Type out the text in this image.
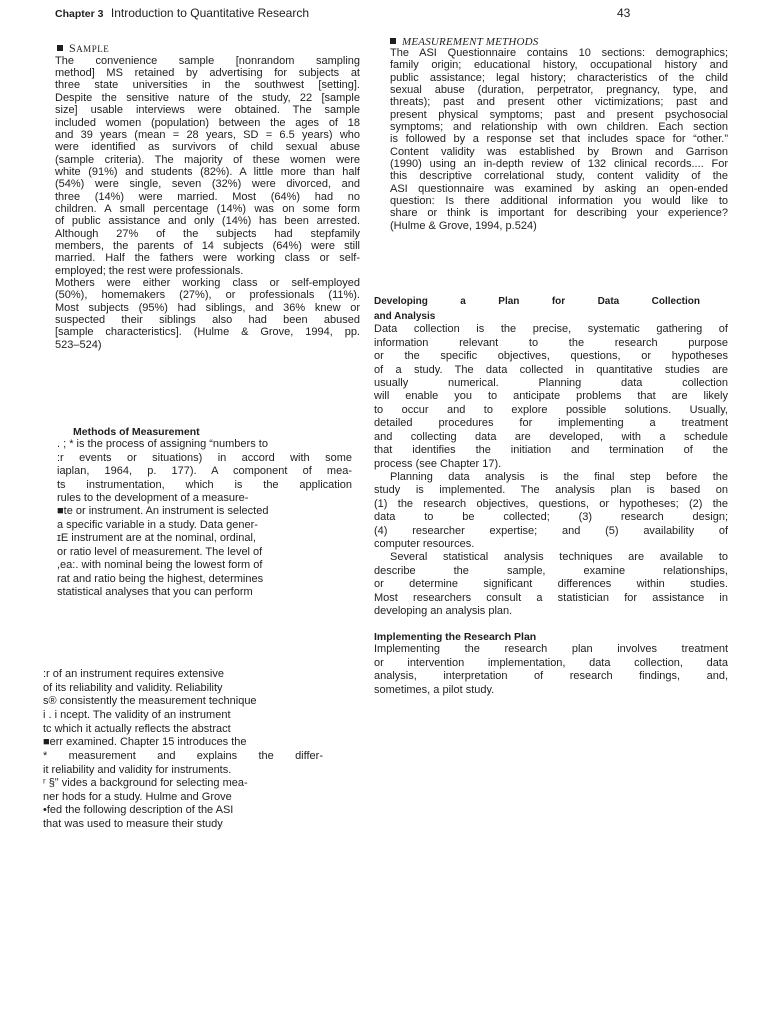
Chapter 3 Introduction to Quantitative Research	43
SAMPLE
The convenience sample [nonrandom sampling
method] MS retained by advertising for subjects at
three state universities in the southwest [setting].
Despite the sensitive nature of the study, 22 [sample
size] usable interviews were obtained. The sample
included women (population) between the ages of 18
and 39 years (mean = 28 years, SD = 6.5 years) who
were identified as survivors of child sexual abuse
(sample criteria). The majority of these women were
white (91%) and students (82%). A little more than half
(54%) were single, seven (32%) were divorced, and
three (14%) were married. Most (64%) had no
children. A small percentage (14%) was on some form
of public assistance and only (14%) has been arrested.
Although 27% of the subjects had stepfamily
members, the parents of 14 subjects (64%) were still
married. Half the fathers were working class or self-
employed; the rest were professionals.
Mothers were either working class or self-employed
(50%), homemakers (27%), or professionals (11%).
Most subjects (95%) had siblings, and 36% knew or
suspected their siblings also had been abused
[sample characteristics]. (Hulme & Grove, 1994, pp.
523–524)
Methods of Measurement
. ; * is the process of assigning “numbers to
:r events or situations) in accord with some
iaplan, 1964, p. 177). A component of mea-
ts instrumentation, which is the application
rules to the development of a measure-
■te or instrument. An instrument is selected
a specific variable in a study. Data gener-
ɪE instrument are at the nominal, ordinal,
or ratio level of measurement. The level of
,ea:. with nominal being the lowest form of
rat and ratio being the highest, determines
statistical analyses that you can perform
:r of an instrument requires extensive
of its reliability and validity. Reliability
s® consistently the measurement technique
i . i ncept. The validity of an instrument
tc which it actually reflects the abstract
■err examined. Chapter 15 introduces the
* measurement and explains the differ-
it reliability and validity for instruments.
ʳ §ʺ vides a background for selecting mea-
ner hods for a study. Hulme and Grove
•fed the following description of the ASI
that was used to measure their study
MEASUREMENT METHODS
The ASI Questionnaire contains 10 sections: demographics;
family origin; educational history, occupational history and
public assistance; legal history; characteristics of the child
sexual abuse (duration, perpetrator, pregnancy, type, and
threats); past and present other victimizations; past and
present physical symptoms; past and present psychosocial
symptoms; and relationship with own children. Each section
is followed by a response set that includes space for “other.”
Content validity was established by Brown and Garrison
(1990) using an in-depth review of 132 clinical records.... For
this descriptive correlational study, content validity of the
ASI questionnaire was examined by asking an open-ended
question: Is there additional information you would like to
share or think is important for describing your experience?
(Hulme & Grove, 1994, p.524)
Developing a Plan for Data Collection
and Analysis
Data collection is the precise, systematic gathering of
information relevant to the research purpose
or the specific objectives, questions, or hypotheses
of a study. The data collected in quantitative studies are
usually numerical. Planning data collection
will enable you to anticipate problems that are likely
to occur and to explore possible solutions. Usually,
detailed procedures for implementing a treatment
and collecting data are developed, with a schedule
that identifies the initiation and termination of the
process (see Chapter 17).
Planning data analysis is the final step before the
study is implemented. The analysis plan is based on
(1) the research objectives, questions, or hypotheses; (2) the
data to be collected; (3) research design;
(4) researcher expertise; and (5) availability of
computer resources.
Several statistical analysis techniques are available to
describe the sample, examine relationships,
or determine significant differences within studies.
Most researchers consult a statistician for assistance in
developing an analysis plan.
Implementing the Research Plan
Implementing the research plan involves treatment
or intervention implementation, data collection, data
analysis, interpretation of research findings, and,
sometimes, a pilot study.
